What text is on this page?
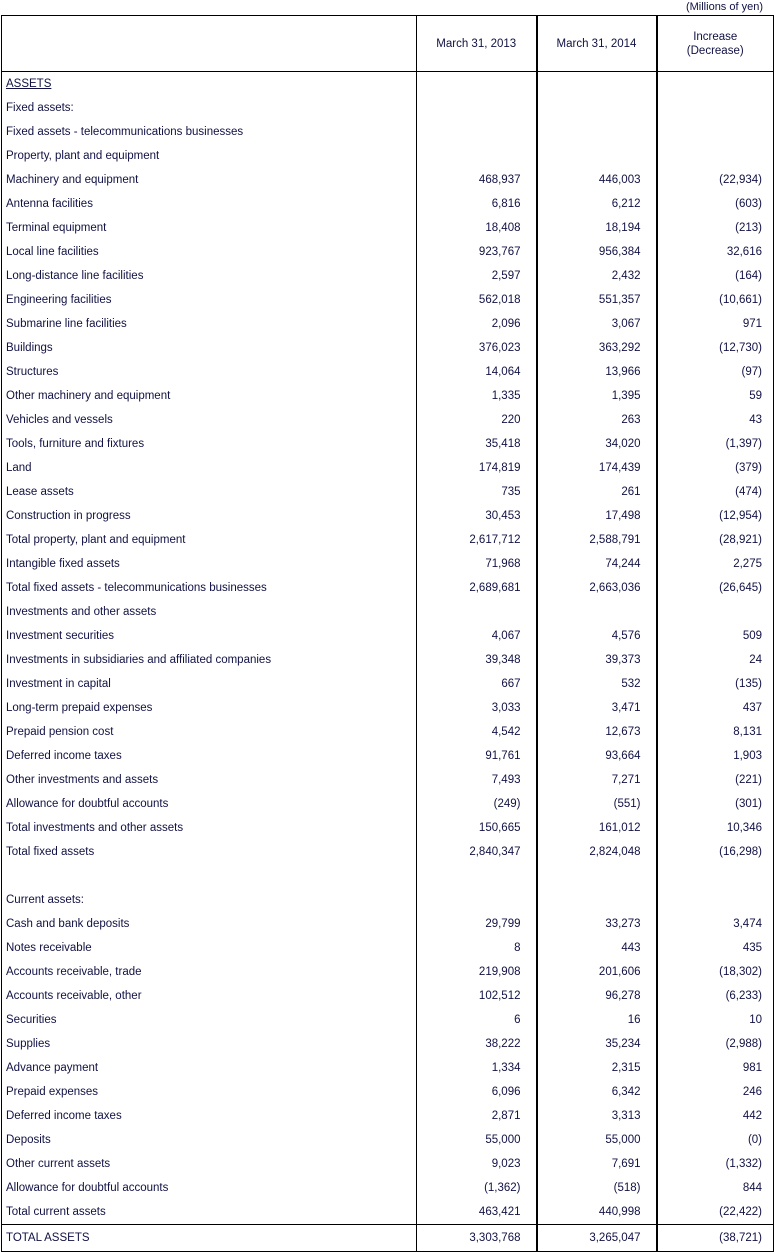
(Millions of yen)
	March 31, 2013	March 31, 2014	Increase
(Decrease)
ASSETS			
Fixed assets:			
Fixed assets - telecommunications businesses			
Property, plant and equipment			
Machinery and equipment	468,937	446,003	(22,934)
Antenna facilities	6,816	6,212	(603)
Terminal equipment	18,408	18,194	(213)
Local line facilities	923,767	956,384	32,616
Long-distance line facilities	2,597	2,432	(164)
Engineering facilities	562,018	551,357	(10,661)
Submarine line facilities	2,096	3,067	971
Buildings	376,023	363,292	(12,730)
Structures	14,064	13,966	(97)
Other machinery and equipment	1,335	1,395	59
Vehicles and vessels	220	263	43
Tools, furniture and fixtures	35,418	34,020	(1,397)
Land	174,819	174,439	(379)
Lease assets	735	261	(474)
Construction in progress	30,453	17,498	(12,954)
Total property, plant and equipment	2,617,712	2,588,791	(28,921)
Intangible fixed assets	71,968	74,244	2,275
Total fixed assets - telecommunications businesses	2,689,681	2,663,036	(26,645)
Investments and other assets			
Investment securities	4,067	4,576	509
Investments in subsidiaries and affiliated companies	39,348	39,373	24
Investment in capital	667	532	(135)
Long-term prepaid expenses	3,033	3,471	437
Prepaid pension cost	4,542	12,673	8,131
Deferred income taxes	91,761	93,664	1,903
Other investments and assets	7,493	7,271	(221)
Allowance for doubtful accounts	(249)	(551)	(301)
Total investments and other assets	150,665	161,012	10,346
Total fixed assets	2,840,347	2,824,048	(16,298)

Current assets:			
Cash and bank deposits	29,799	33,273	3,474
Notes receivable	8	443	435
Accounts receivable, trade	219,908	201,606	(18,302)
Accounts receivable, other	102,512	96,278	(6,233)
Securities	6	16	10
Supplies	38,222	35,234	(2,988)
Advance payment	1,334	2,315	981
Prepaid expenses	6,096	6,342	246
Deferred income taxes	2,871	3,313	442
Deposits	55,000	55,000	(0)
Other current assets	9,023	7,691	(1,332)
Allowance for doubtful accounts	(1,362)	(518)	844
Total current assets	463,421	440,998	(22,422)
TOTAL ASSETS	3,303,768	3,265,047	(38,721)
